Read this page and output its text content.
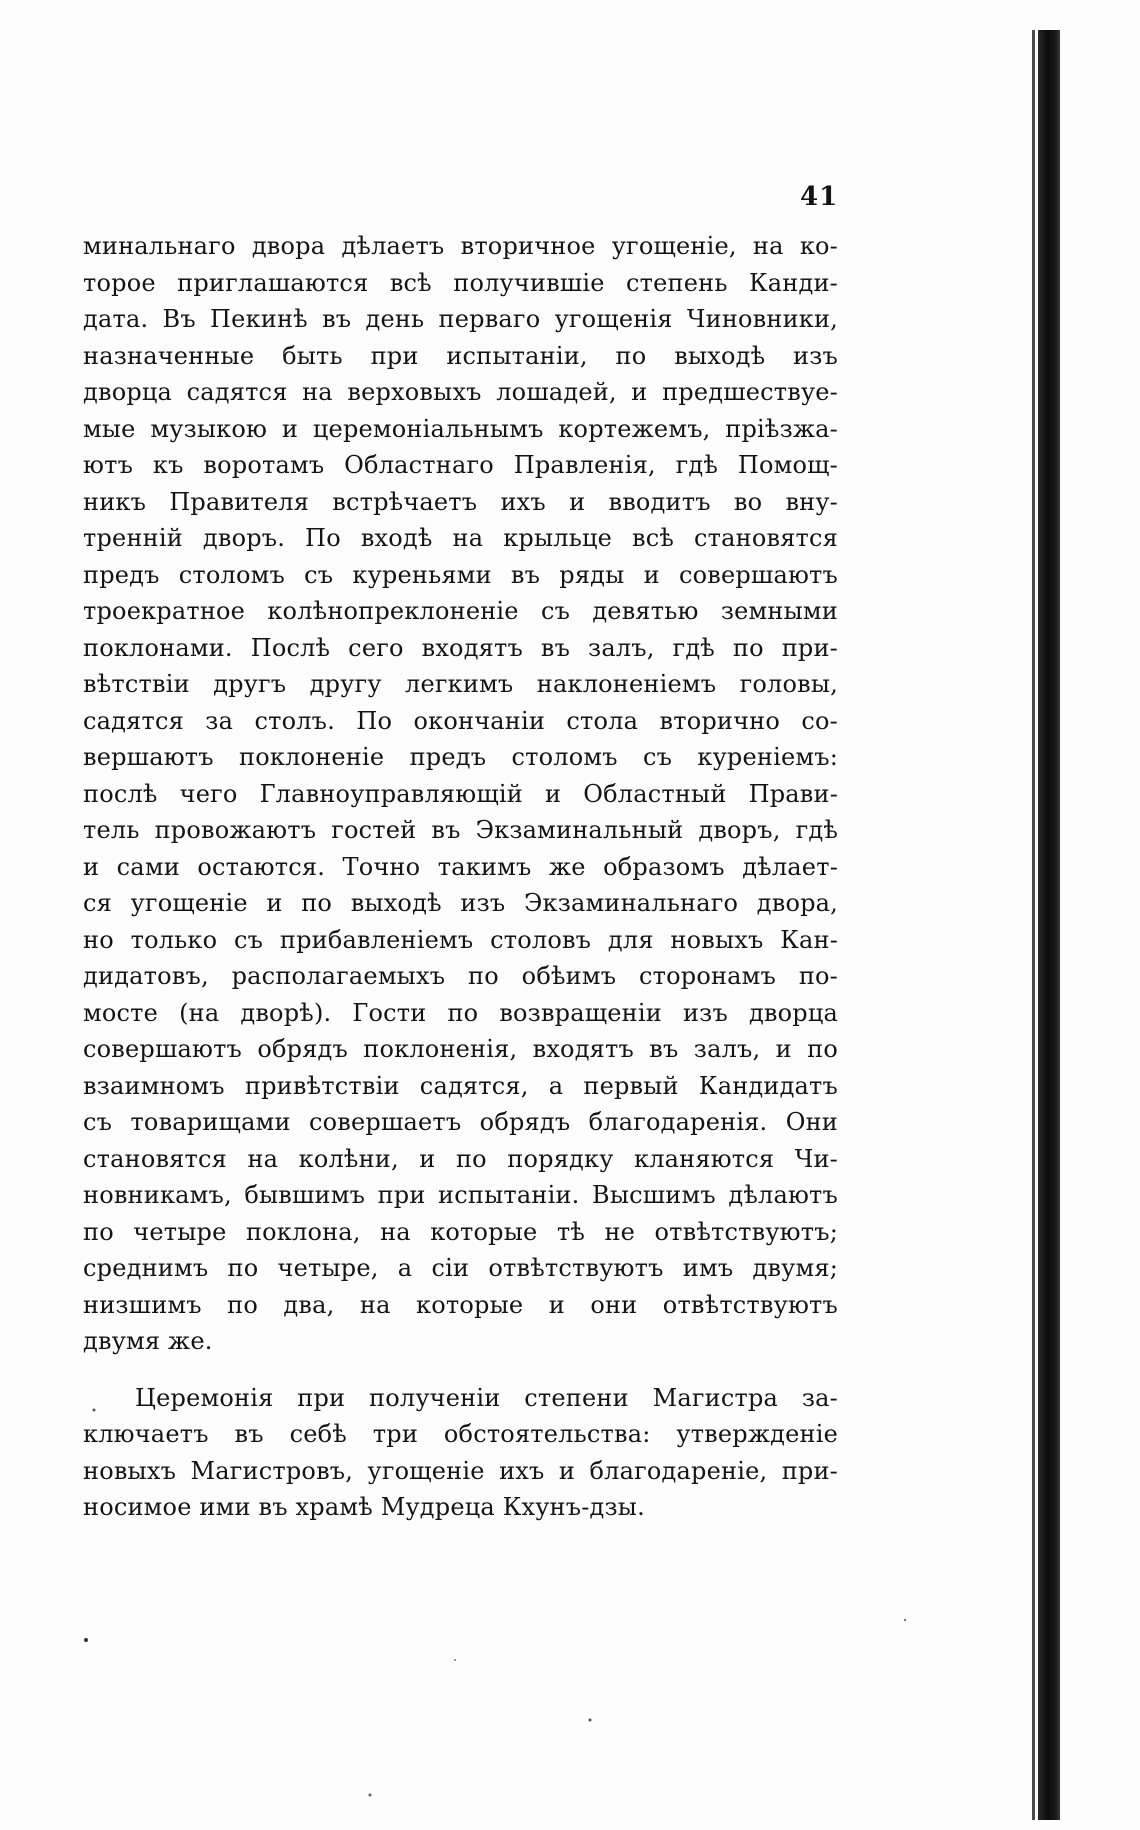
41
минальнаго двора дѣлаетъ вторичное угощеніе, на ко-
торое приглашаются всѣ получившіе степень Канди-
дата. Въ Пекинѣ въ день перваго угощенія Чиновники,
назначенные быть при испытаніи, по выходѣ изъ
дворца садятся на верховыхъ лошадей, и предшествуе-
мые музыкою и церемоніальнымъ кортежемъ, пріѣзжа-
ютъ къ воротамъ Областнаго Правленія, гдѣ Помощ-
никъ Правителя встрѣчаетъ ихъ и вводитъ во вну-
тренній дворъ. По входѣ на крыльце всѣ становятся
предъ столомъ съ куреньями въ ряды и совершаютъ
троекратное колѣнопреклоненіе съ девятью земными
поклонами. Послѣ сего входятъ въ залъ, гдѣ по при-
вѣтствіи другъ другу легкимъ наклоненіемъ головы,
садятся за столъ. По окончаніи стола вторично со-
вершаютъ поклоненіе предъ столомъ съ куреніемъ:
послѣ чего Главноуправляющій и Областный Прави-
тель провожаютъ гостей въ Экзаминальный дворъ, гдѣ
и сами остаются. Точно такимъ же образомъ дѣлает-
ся угощеніе и по выходѣ изъ Экзаминальнаго двора,
но только съ прибавленіемъ столовъ для новыхъ Кан-
дидатовъ, располагаемыхъ по обѣимъ сторонамъ по-
мосте (на дворѣ). Гости по возвращеніи изъ дворца
совершаютъ обрядъ поклоненія, входятъ въ залъ, и по
взаимномъ привѣтствіи садятся, а первый Кандидатъ
съ товарищами совершаетъ обрядъ благодаренія. Они
становятся на колѣни, и по порядку кланяются Чи-
новникамъ, бывшимъ при испытаніи. Высшимъ дѣлаютъ
по четыре поклона, на которые тѣ не отвѣтствуютъ;
среднимъ по четыре, а сіи отвѣтствуютъ имъ двумя;
низшимъ по два, на которые и они отвѣтствуютъ
двумя же.
Церемонія при полученіи степени Магистра за-
ключаетъ въ себѣ три обстоятельства: утвержденіе
новыхъ Магистровъ, угощеніе ихъ и благодареніе, при-
носимое ими въ храмѣ Мудреца Кхунъ-дзы.
